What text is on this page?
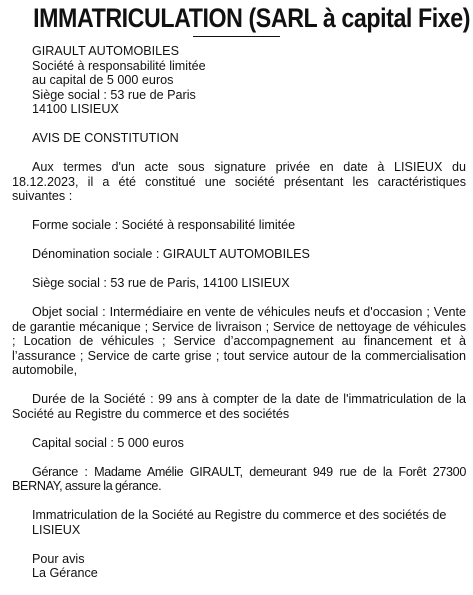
IMMATRICULATION (SARL à capital Fixe)

GIRAULT AUTOMOBILES
Société à responsabilité limitée
au capital de 5 000 euros
Siège social : 53 rue de Paris
14100 LISIEUX

AVIS DE CONSTITUTION

Aux termes d'un acte sous signature privée en date à LISIEUX du 18.12.2023, il a été constitué une société présentant les caractéristiques suivantes :

Forme sociale : Société à responsabilité limitée

Dénomination sociale : GIRAULT AUTOMOBILES

Siège social : 53 rue de Paris, 14100 LISIEUX

Objet social : Intermédiaire en vente de véhicules neufs et d'occasion ; Vente de garantie mécanique ; Service de livraison ; Service de nettoyage de véhicules ; Location de véhicules ; Service d’accompagnement au financement et à l’assurance ; Service de carte grise ; tout service autour de la commercialisation automobile,

Durée de la Société : 99 ans à compter de la date de l'immatriculation de la Société au Registre du commerce et des sociétés

Capital social : 5 000 euros

Gérance : Madame Amélie GIRAULT, demeurant 949 rue de la Forêt 27300 BERNAY, assure la gérance.

Immatriculation de la Société au Registre du commerce et des sociétés de LISIEUX

Pour avis
La Gérance
